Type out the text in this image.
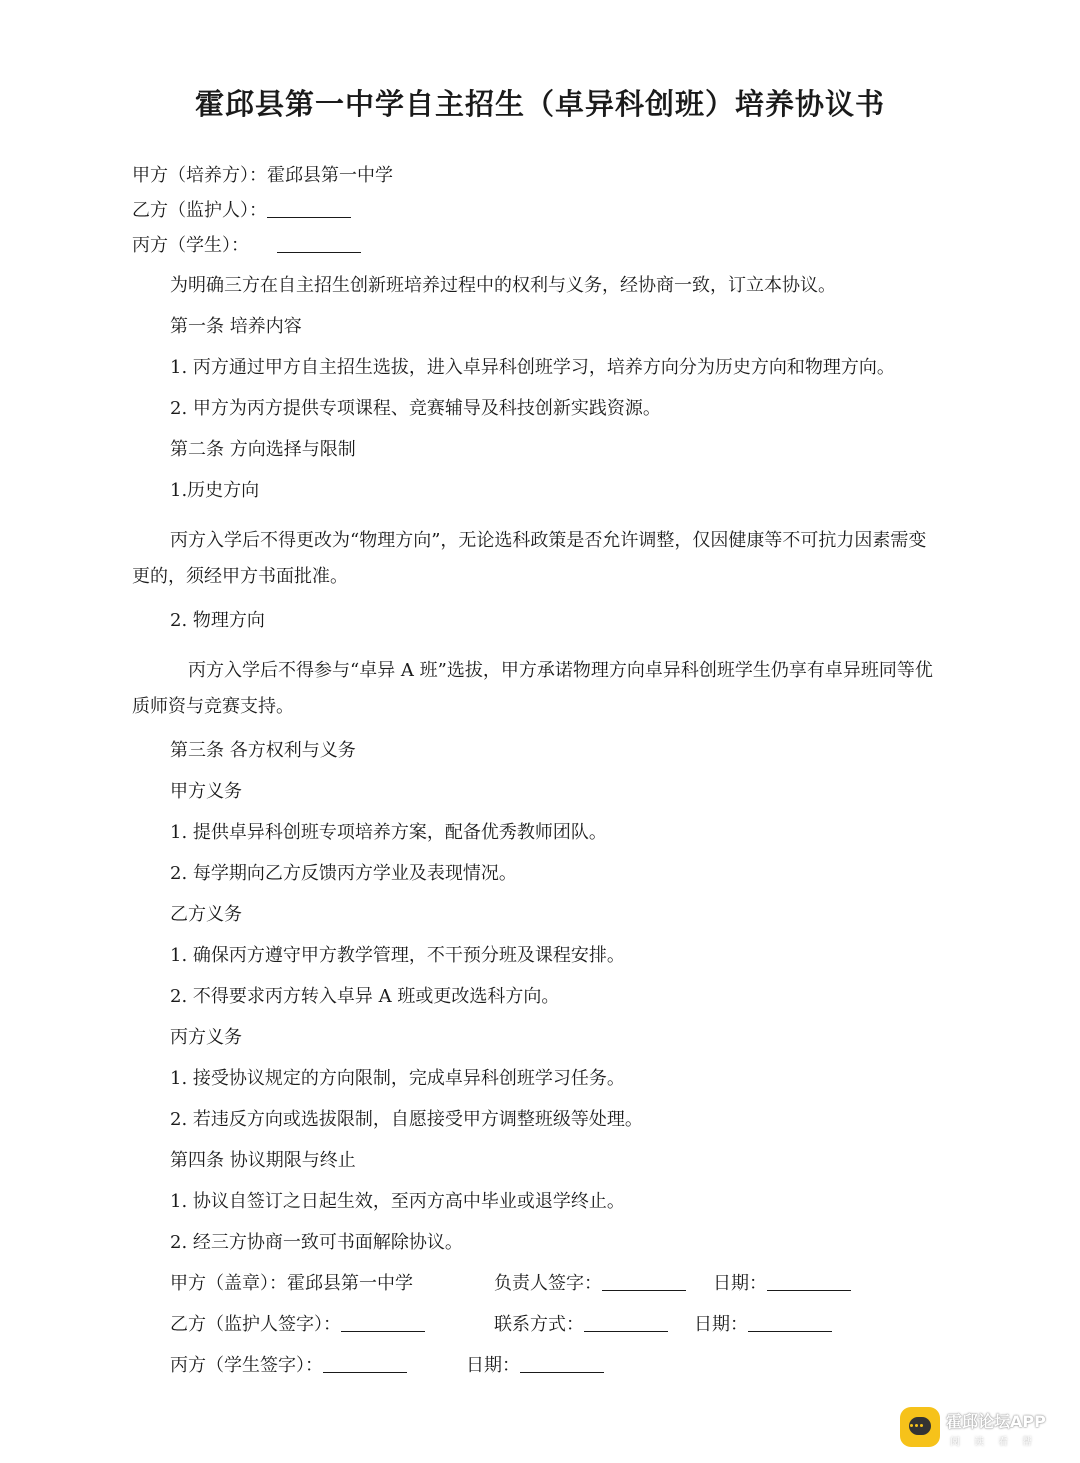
霍邱县第一中学自主招生（卓异科创班）培养协议书
甲方（培养方）：霍邱县第一中学
乙方（监护人）：
丙方（学生）：
为明确三方在自主招生创新班培养过程中的权利与义务，经协商一致，订立本协议。
第一条 培养内容
1. 丙方通过甲方自主招生选拔，进入卓异科创班学习，培养方向分为历史方向和物理方向。
2. 甲方为丙方提供专项课程、竞赛辅导及科技创新实践资源。
第二条 方向选择与限制
1.历史方向
丙方入学后不得更改为“物理方向”，无论选科政策是否允许调整，仅因健康等不可抗力因素需变更的，须经甲方书面批准。
2. 物理方向
丙方入学后不得参与“卓异 A 班”选拔，甲方承诺物理方向卓异科创班学生仍享有卓异班同等优质师资与竞赛支持。
第三条 各方权利与义务
甲方义务
1. 提供卓异科创班专项培养方案，配备优秀教师团队。
2. 每学期向乙方反馈丙方学业及表现情况。
乙方义务
1. 确保丙方遵守甲方教学管理，不干预分班及课程安排。
2. 不得要求丙方转入卓异 A 班或更改选科方向。
丙方义务
1. 接受协议规定的方向限制，完成卓异科创班学习任务。
2. 若违反方向或选拔限制，自愿接受甲方调整班级等处理。
第四条 协议期限与终止
1. 协议自签订之日起生效，至丙方高中毕业或退学终止。
2. 经三方协商一致可书面解除协议。
甲方（盖章）：霍邱县第一中学	负责人签字：	日期：
乙方（监护人签字）：	联系方式：	日期：
丙方（学生签字）：	日期：
霍邱论坛APP
阅读看帮
